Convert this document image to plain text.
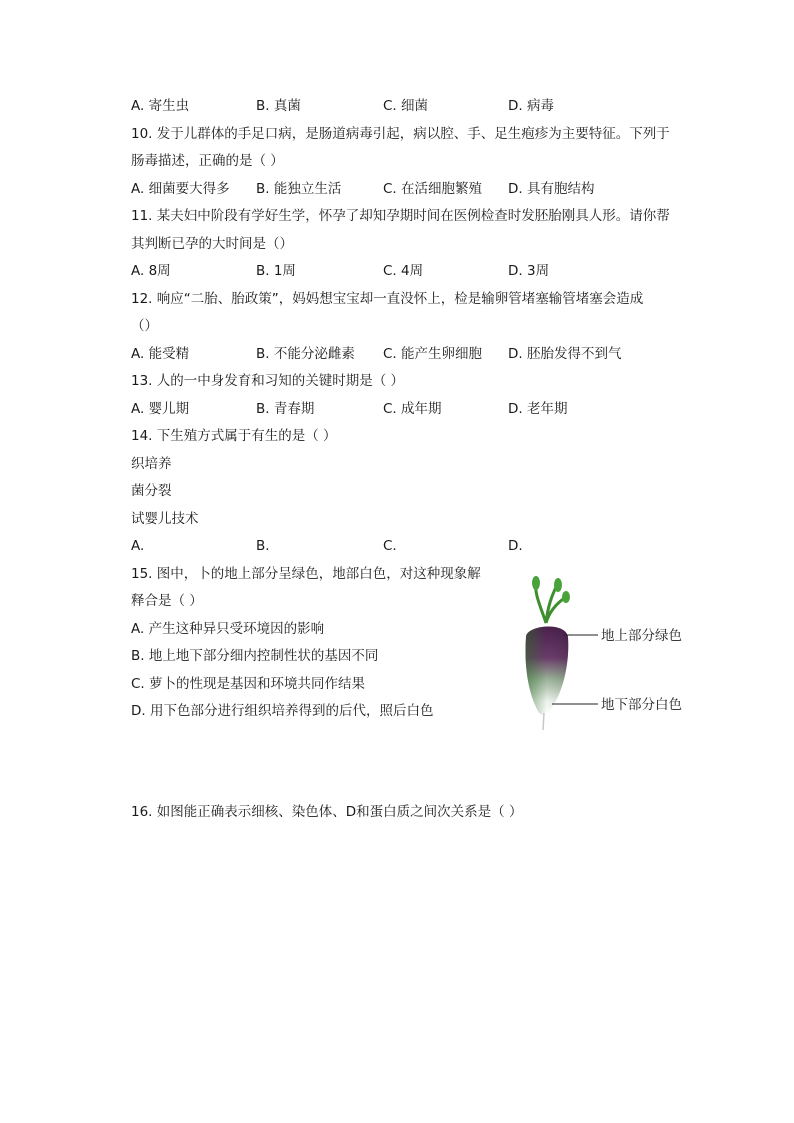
A. 寄生虫	B. 真菌	C. 细菌	D. 病毒
10. 发于儿群体的手足口病，是肠道病毒引起，病以腔、手、足生疱疹为主要特征。下列于
肠毒描述，正确的是（ ）
A. 细菌要大得多 B. 能独立生活	C. 在活细胞繁殖 D. 具有胞结构
11. 某夫妇中阶段有学好生学，怀孕了却知孕期时间在医例检查时发胚胎刚具人形。请你帮
其判断已孕的大时间是（）
A. 8周	B. 1周	C. 4周	D. 3周
12. 响应“二胎、胎政策”，妈妈想宝宝却一直没怀上，检是输卵管堵塞输管堵塞会造成
（）
A. 能受精	B. 不能分泌雌素 C. 能产生卵细胞 D. 胚胎发得不到气
13. 人的一中身发育和习知的关键时期是（ ）
A. 婴儿期	B. 青春期	C. 成年期	D. 老年期
14. 下生殖方式属于有生的是（ ）
织培养
菌分裂
试婴儿技术
A.	B.	C.	D.
15. 图中，卜的地上部分呈绿色，地部白色，对这种现象解
释合是（ ）
A. 产生这种异只受环境因的影响
B. 地上地下部分细内控制性状的基因不同
C. 萝卜的性现是基因和环境共同作结果
D. 用下色部分进行组织培养得到的后代，照后白色
地上部分绿色
地下部分白色
16. 如图能正确表示细核、染色体、D和蛋白质之间次关系是（ ）
